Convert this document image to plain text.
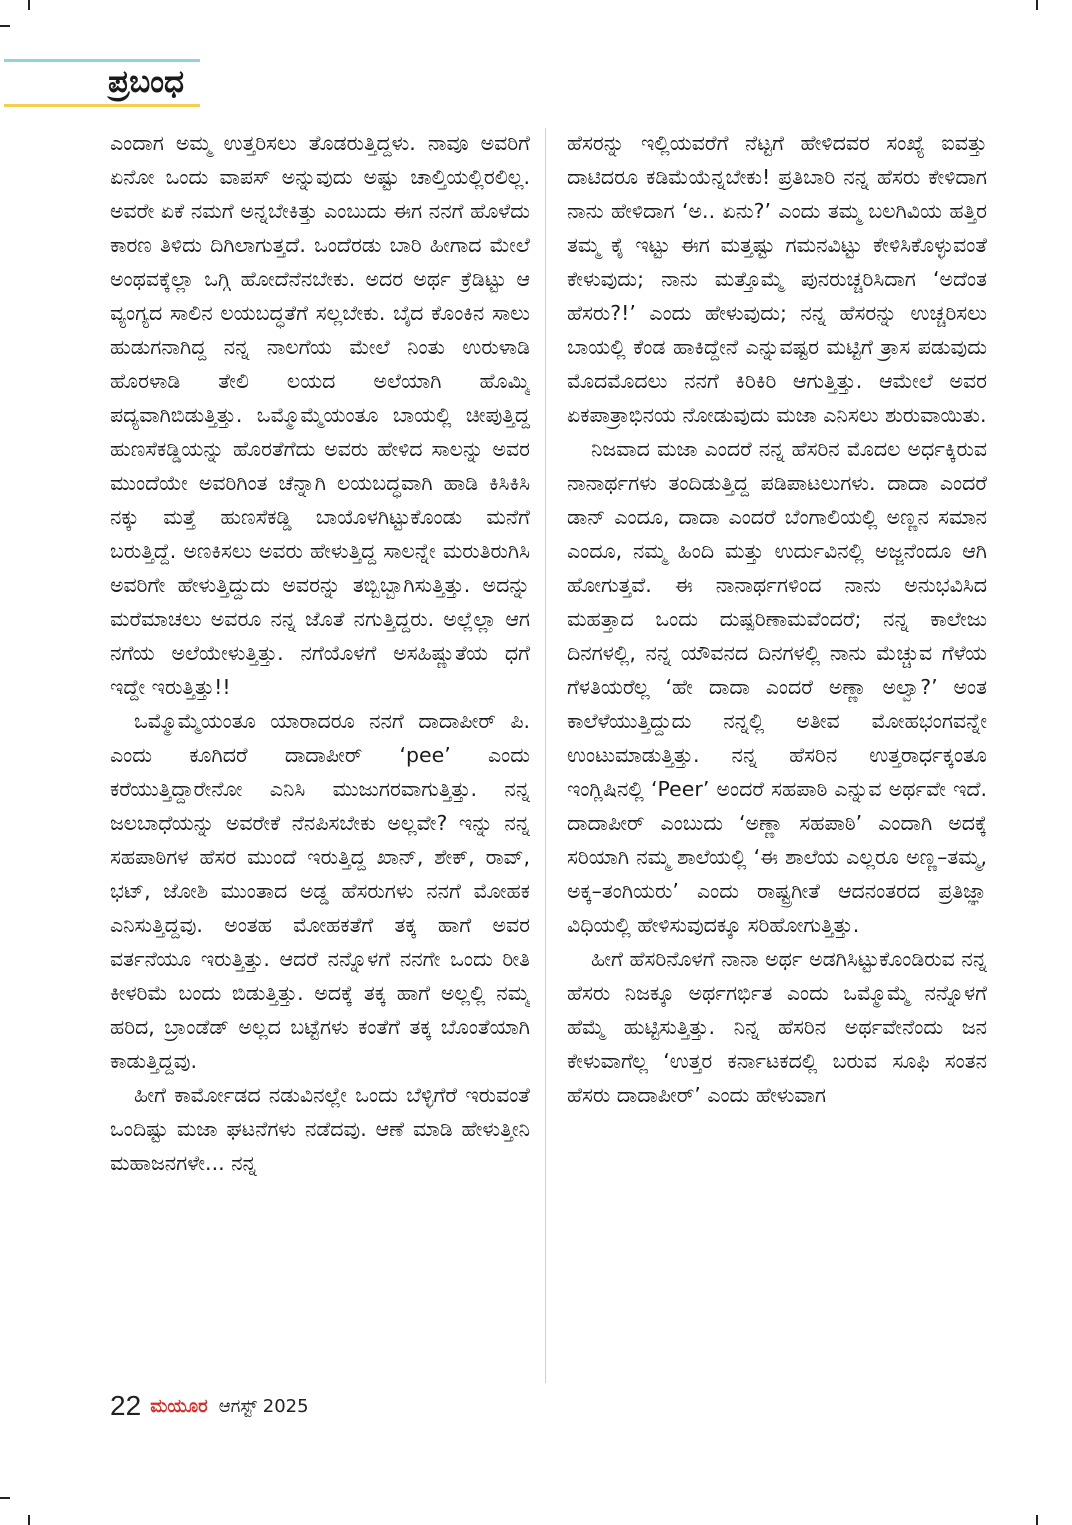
ಪ್ರಬಂಧ

ಎಂದಾಗ ಅಮ್ಮ ಉತ್ತರಿಸಲು ತೊಡರುತ್ತಿದ್ದಳು. ನಾವೂ ಅವರಿಗೆ ಏನೋ ಒಂದು ವಾಪಸ್ ಅನ್ನುವುದು ಅಷ್ಟು ಚಾಲ್ತಿಯಲ್ಲಿರಲಿಲ್ಲ. ಅವರೇ ಏಕೆ ನಮಗೆ ಅನ್ನಬೇಕಿತ್ತು ಎಂಬುದು ಈಗ ನನಗೆ ಹೊಳೆದು ಕಾರಣ ತಿಳಿದು ದಿಗಿಲಾಗುತ್ತದೆ. ಒಂದೆರಡು ಬಾರಿ ಹೀಗಾದ ಮೇಲೆ ಅಂಥವಕ್ಕೆಲ್ಲಾ ಒಗ್ಗಿ ಹೋದೆನೆನಬೇಕು. ಅದರ ಅರ್ಥ ಕ್ರೆಡಿಟ್ಟು ಆ ವ್ಯಂಗ್ಯದ ಸಾಲಿನ ಲಯಬದ್ಧತೆಗೆ ಸಲ್ಲಬೇಕು. ಬೈದ ಕೊಂಕಿನ ಸಾಲು ಹುಡುಗನಾಗಿದ್ದ ನನ್ನ ನಾಲಗೆಯ ಮೇಲೆ ನಿಂತು ಉರುಳಾಡಿ ಹೊರಳಾಡಿ ತೇಲಿ ಲಯದ ಅಲೆಯಾಗಿ ಹೊಮ್ಮಿ ಪದ್ಯವಾಗಿಬಿಡುತ್ತಿತ್ತು. ಒಮ್ಮೊಮ್ಮೆಯಂತೂ ಬಾಯಲ್ಲಿ ಚೀಪುತ್ತಿದ್ದ ಹುಣಸೆಕಡ್ಡಿಯನ್ನು ಹೊರತೆಗೆದು ಅವರು ಹೇಳಿದ ಸಾಲನ್ನು ಅವರ ಮುಂದೆಯೇ ಅವರಿಗಿಂತ ಚೆನ್ನಾಗಿ ಲಯಬದ್ಧವಾಗಿ ಹಾಡಿ ಕಿಸಿಕಿಸಿ ನಕ್ಕು ಮತ್ತೆ ಹುಣಸೆಕಡ್ಡಿ ಬಾಯೊಳಗಿಟ್ಟುಕೊಂಡು ಮನೆಗೆ ಬರುತ್ತಿದ್ದೆ. ಅಣಕಿಸಲು ಅವರು ಹೇಳುತ್ತಿದ್ದ ಸಾಲನ್ನೇ ಮರುತಿರುಗಿಸಿ ಅವರಿಗೇ ಹೇಳುತ್ತಿದ್ದುದು ಅವರನ್ನು ತಬ್ಬಿಬ್ಬಾಗಿಸುತ್ತಿತ್ತು. ಅದನ್ನು ಮರೆಮಾಚಲು ಅವರೂ ನನ್ನ ಜೊತೆ ನಗುತ್ತಿದ್ದರು. ಅಲ್ಲೆಲ್ಲಾ ಆಗ ನಗೆಯ ಅಲೆಯೇಳುತ್ತಿತ್ತು. ನಗೆಯೊಳಗೆ ಅಸಹಿಷ್ಣುತೆಯ ಧಗೆ ಇದ್ದೇ ಇರುತ್ತಿತ್ತು!!

ಒಮ್ಮೊಮ್ಮೆಯಂತೂ ಯಾರಾದರೂ ನನಗೆ ದಾದಾಪೀರ್ ಪಿ. ಎಂದು ಕೂಗಿದರೆ ದಾದಾಪೀರ್ ‘pee’ ಎಂದು ಕರೆಯುತ್ತಿದ್ದಾರೇನೋ ಎನಿಸಿ ಮುಜುಗರವಾಗುತ್ತಿತ್ತು. ನನ್ನ ಜಲಬಾಧೆಯನ್ನು ಅವರೇಕೆ ನೆನಪಿಸಬೇಕು ಅಲ್ಲವೇ? ಇನ್ನು ನನ್ನ ಸಹಪಾಠಿಗಳ ಹೆಸರ ಮುಂದೆ ಇರುತ್ತಿದ್ದ ಖಾನ್, ಶೇಕ್, ರಾವ್, ಭಟ್, ಜೋಶಿ ಮುಂತಾದ ಅಡ್ಡ ಹೆಸರುಗಳು ನನಗೆ ಮೋಹಕ ಎನಿಸುತ್ತಿದ್ದವು. ಅಂತಹ ಮೋಹಕತೆಗೆ ತಕ್ಕ ಹಾಗೆ ಅವರ ವರ್ತನೆಯೂ ಇರುತ್ತಿತ್ತು. ಆದರೆ ನನ್ನೊಳಗೆ ನನಗೇ ಒಂದು ರೀತಿ ಕೀಳರಿಮೆ ಬಂದು ಬಿಡುತ್ತಿತ್ತು. ಅದಕ್ಕೆ ತಕ್ಕ ಹಾಗೆ ಅಲ್ಲಲ್ಲಿ ನಮ್ಮ ಹರಿದ, ಬ್ರಾಂಡೆಡ್ ಅಲ್ಲದ ಬಟ್ಟೆಗಳು ಕಂತೆಗೆ ತಕ್ಕ ಬೊಂತೆಯಾಗಿ ಕಾಡುತ್ತಿದ್ದವು.

ಹೀಗೆ ಕಾರ್ಮೋಡದ ನಡುವಿನಲ್ಲೇ ಒಂದು ಬೆಳ್ಳಿಗೆರೆ ಇರುವಂತೆ ಒಂದಿಷ್ಟು ಮಜಾ ಘಟನೆಗಳು ನಡೆದವು. ಆಣೆ ಮಾಡಿ ಹೇಳುತ್ತೀನಿ ಮಹಾಜನಗಳೇ... ನನ್ನ

ಹೆಸರನ್ನು ಇಲ್ಲಿಯವರೆಗೆ ನೆಟ್ಟಗೆ ಹೇಳಿದವರ ಸಂಖ್ಯೆ ಐವತ್ತು ದಾಟಿದರೂ ಕಡಿಮೆಯೆನ್ನಬೇಕು! ಪ್ರತಿಬಾರಿ ನನ್ನ ಹೆಸರು ಕೇಳಿದಾಗ ನಾನು ಹೇಳಿದಾಗ ‘ಅ.. ಏನು?’ ಎಂದು ತಮ್ಮ ಬಲಗಿವಿಯ ಹತ್ತಿರ ತಮ್ಮ ಕೈ ಇಟ್ಟು ಈಗ ಮತ್ತಷ್ಟು ಗಮನವಿಟ್ಟು ಕೇಳಿಸಿಕೊಳ್ಳುವಂತೆ ಕೇಳುವುದು; ನಾನು ಮತ್ತೊಮ್ಮೆ ಪುನರುಚ್ಚರಿಸಿದಾಗ ‘ಅದೆಂತ ಹೆಸರು?!’ ಎಂದು ಹೇಳುವುದು; ನನ್ನ ಹೆಸರನ್ನು ಉಚ್ಚರಿಸಲು ಬಾಯಲ್ಲಿ ಕೆಂಡ ಹಾಕಿದ್ದೇನೆ ಎನ್ನುವಷ್ಟರ ಮಟ್ಟಿಗೆ ತ್ರಾಸ ಪಡುವುದು ಮೊದಮೊದಲು ನನಗೆ ಕಿರಿಕಿರಿ ಆಗುತ್ತಿತ್ತು. ಆಮೇಲೆ ಅವರ ಏಕಪಾತ್ರಾಭಿನಯ ನೋಡುವುದು ಮಜಾ ಎನಿಸಲು ಶುರುವಾಯಿತು.

ನಿಜವಾದ ಮಜಾ ಎಂದರೆ ನನ್ನ ಹೆಸರಿನ ಮೊದಲ ಅರ್ಧಕ್ಕಿರುವ ನಾನಾರ್ಥಗಳು ತಂದಿಡುತ್ತಿದ್ದ ಪಡಿಪಾಟಲುಗಳು. ದಾದಾ ಎಂದರೆ ಡಾನ್ ಎಂದೂ, ದಾದಾ ಎಂದರೆ ಬೆಂಗಾಲಿಯಲ್ಲಿ ಅಣ್ಣನ ಸಮಾನ ಎಂದೂ, ನಮ್ಮ ಹಿಂದಿ ಮತ್ತು ಉರ್ದುವಿನಲ್ಲಿ ಅಜ್ಜನೆಂದೂ ಆಗಿ ಹೋಗುತ್ತವೆ. ಈ ನಾನಾರ್ಥಗಳಿಂದ ನಾನು ಅನುಭವಿಸಿದ ಮಹತ್ತಾದ ಒಂದು ದುಷ್ಪರಿಣಾಮವೆಂದರೆ; ನನ್ನ ಕಾಲೇಜು ದಿನಗಳಲ್ಲಿ, ನನ್ನ ಯೌವನದ ದಿನಗಳಲ್ಲಿ ನಾನು ಮೆಚ್ಚುವ ಗೆಳೆಯ ಗೆಳತಿಯರೆಲ್ಲ ‘ಹೇ ದಾದಾ ಎಂದರೆ ಅಣ್ಣಾ ಅಲ್ವಾ?’ ಅಂತ ಕಾಲೆಳೆಯುತ್ತಿದ್ದುದು ನನ್ನಲ್ಲಿ ಅತೀವ ಮೋಹಭಂಗವನ್ನೇ ಉಂಟುಮಾಡುತ್ತಿತ್ತು. ನನ್ನ ಹೆಸರಿನ ಉತ್ತರಾರ್ಧಕ್ಕಂತೂ ಇಂಗ್ಲಿಷಿನಲ್ಲಿ ‘Peer’ ಅಂದರೆ ಸಹಪಾಠಿ ಎನ್ನುವ ಅರ್ಥವೇ ಇದೆ. ದಾದಾಪೀರ್ ಎಂಬುದು ‘ಅಣ್ಣಾ ಸಹಪಾಠಿ’ ಎಂದಾಗಿ ಅದಕ್ಕೆ ಸರಿಯಾಗಿ ನಮ್ಮ ಶಾಲೆಯಲ್ಲಿ ‘ಈ ಶಾಲೆಯ ಎಲ್ಲರೂ ಅಣ್ಣ–ತಮ್ಮ, ಅಕ್ಕ–ತಂಗಿಯರು’ ಎಂದು ರಾಷ್ಟ್ರಗೀತೆ ಆದನಂತರದ ಪ್ರತಿಜ್ಞಾ ವಿಧಿಯಲ್ಲಿ ಹೇಳಿಸುವುದಕ್ಕೂ ಸರಿಹೋಗುತ್ತಿತ್ತು.

ಹೀಗೆ ಹೆಸರಿನೊಳಗೆ ನಾನಾ ಅರ್ಥ ಅಡಗಿಸಿಟ್ಟುಕೊಂಡಿರುವ ನನ್ನ ಹೆಸರು ನಿಜಕ್ಕೂ ಅರ್ಥಗರ್ಭಿತ ಎಂದು ಒಮ್ಮೊಮ್ಮೆ ನನ್ನೊಳಗೆ ಹೆಮ್ಮೆ ಹುಟ್ಟಿಸುತ್ತಿತ್ತು. ನಿನ್ನ ಹೆಸರಿನ ಅರ್ಥವೇನೆಂದು ಜನ ಕೇಳುವಾಗೆಲ್ಲ ‘ಉತ್ತರ ಕರ್ನಾಟಕದಲ್ಲಿ ಬರುವ ಸೂಫಿ ಸಂತನ ಹೆಸರು ದಾದಾಪೀರ್’ ಎಂದು ಹೇಳುವಾಗ

22 ಮಯೂರ ಆಗಸ್ಟ್ 2025
